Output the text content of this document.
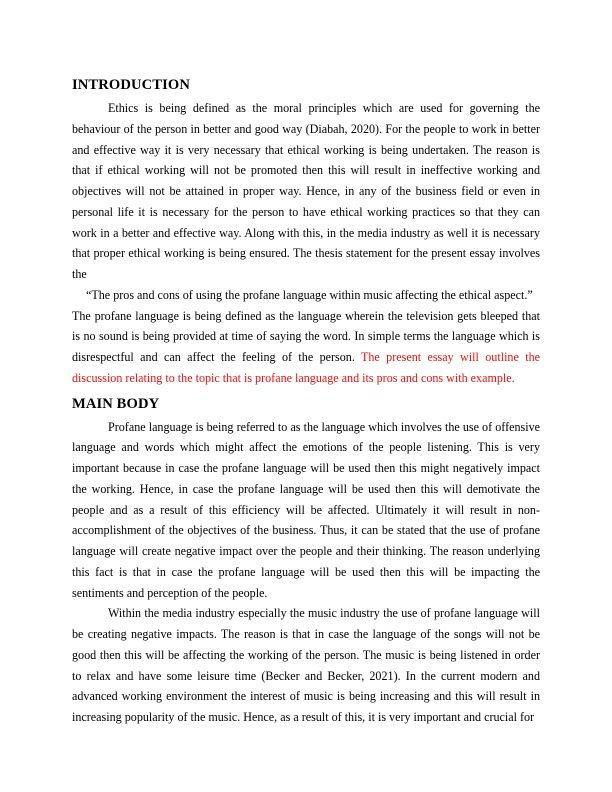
INTRODUCTION

Ethics is being defined as the moral principles which are used for governing the behaviour of the person in better and good way (Diabah, 2020). For the people to work in better and effective way it is very necessary that ethical working is being undertaken. The reason is that if ethical working will not be promoted then this will result in ineffective working and objectives will not be attained in proper way. Hence, in any of the business field or even in personal life it is necessary for the person to have ethical working practices so that they can work in a better and effective way. Along with this, in the media industry as well it is necessary that proper ethical working is being ensured. The thesis statement for the present essay involves the

“The pros and cons of using the profane language within music affecting the ethical aspect.”

The profane language is being defined as the language wherein the television gets bleeped that is no sound is being provided at time of saying the word. In simple terms the language which is disrespectful and can affect the feeling of the person. The present essay will outline the discussion relating to the topic that is profane language and its pros and cons with example.

MAIN BODY

Profane language is being referred to as the language which involves the use of offensive language and words which might affect the emotions of the people listening. This is very important because in case the profane language will be used then this might negatively impact the working. Hence, in case the profane language will be used then this will demotivate the people and as a result of this efficiency will be affected. Ultimately it will result in non-accomplishment of the objectives of the business. Thus, it can be stated that the use of profane language will create negative impact over the people and their thinking. The reason underlying this fact is that in case the profane language will be used then this will be impacting the sentiments and perception of the people.

Within the media industry especially the music industry the use of profane language will be creating negative impacts. The reason is that in case the language of the songs will not be good then this will be affecting the working of the person. The music is being listened in order to relax and have some leisure time (Becker and Becker, 2021). In the current modern and advanced working environment the interest of music is being increasing and this will result in increasing popularity of the music. Hence, as a result of this, it is very important and crucial for
